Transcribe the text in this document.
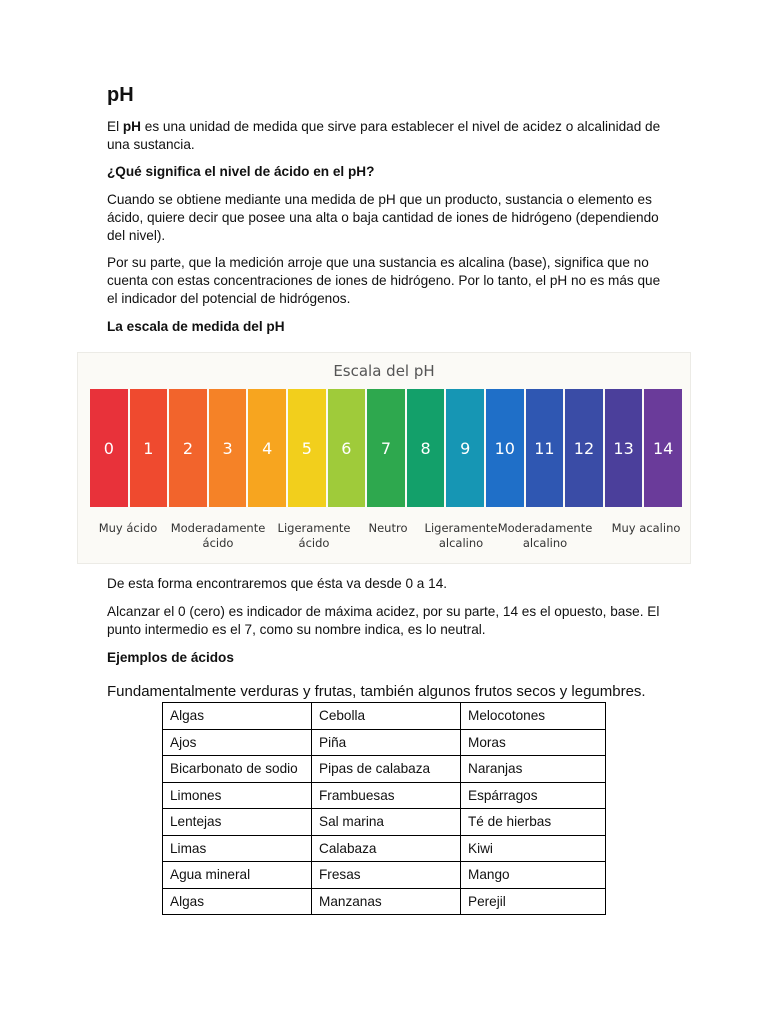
pH

El pH es una unidad de medida que sirve para establecer el nivel de acidez o alcalinidad de una sustancia.

¿Qué significa el nivel de ácido en el pH?

Cuando se obtiene mediante una medida de pH que un producto, sustancia o elemento es ácido, quiere decir que posee una alta o baja cantidad de iones de hidrógeno (dependiendo del nivel).

Por su parte, que la medición arroje que una sustancia es alcalina (base), significa que no cuenta con estas concentraciones de iones de hidrógeno. Por lo tanto, el pH no es más que el indicador del potencial de hidrógenos.

La escala de medida del pH

Escala del pH
0	1	2	3	4	5	6	7	8	9	10	11	12	13	14
Muy ácido	Moderadamente
ácido
Ligeramente
ácido
Neutro	Ligeramente
alcalino
Moderadamente
alcalino
Muy acalino

De esta forma encontraremos que ésta va desde 0 a 14.

Alcanzar el 0 (cero) es indicador de máxima acidez, por su parte, 14 es el opuesto, base. El punto intermedio es el 7, como su nombre indica, es lo neutral.

Ejemplos de ácidos

Fundamentalmente verduras y frutas, también algunos frutos secos y legumbres.

Algas	Cebolla	Melocotones
Ajos	Piña	Moras
Bicarbonato de sodio	Pipas de calabaza	Naranjas
Limones	Frambuesas	Espárragos
Lentejas	Sal marina	Té de hierbas
Limas	Calabaza	Kiwi
Agua mineral	Fresas	Mango
Algas	Manzanas	Perejil
